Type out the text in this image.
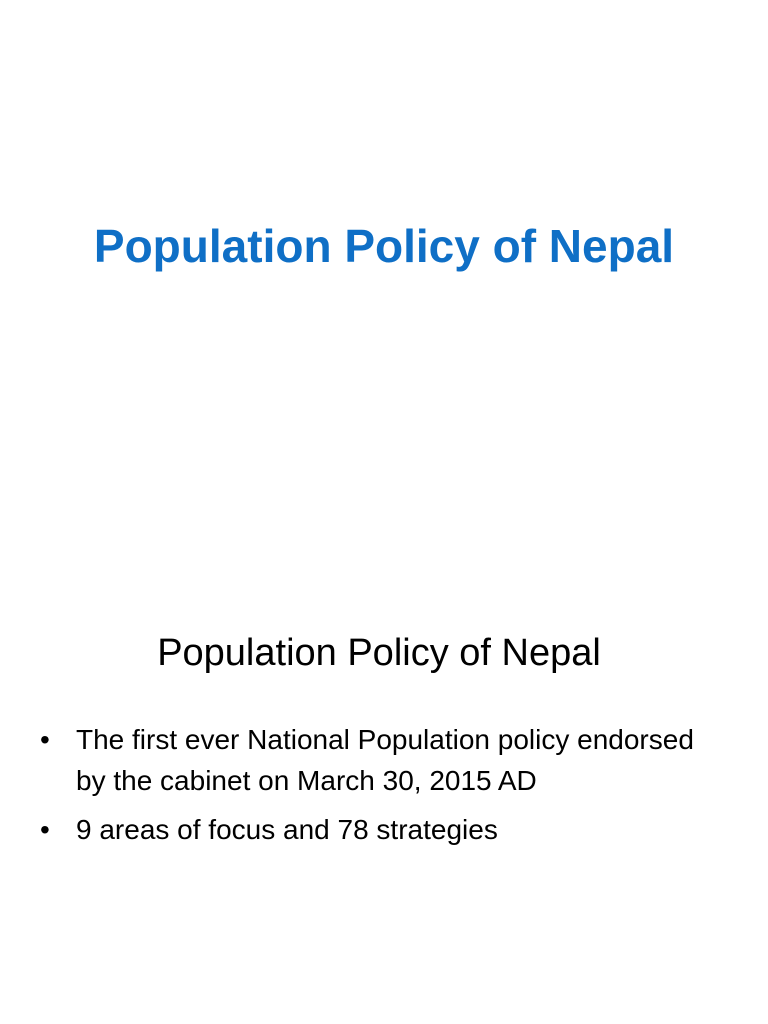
Population Policy of Nepal
Population Policy of Nepal
• The first ever National Population policy endorsed by the cabinet on March 30, 2015 AD
• 9 areas of focus and 78 strategies
